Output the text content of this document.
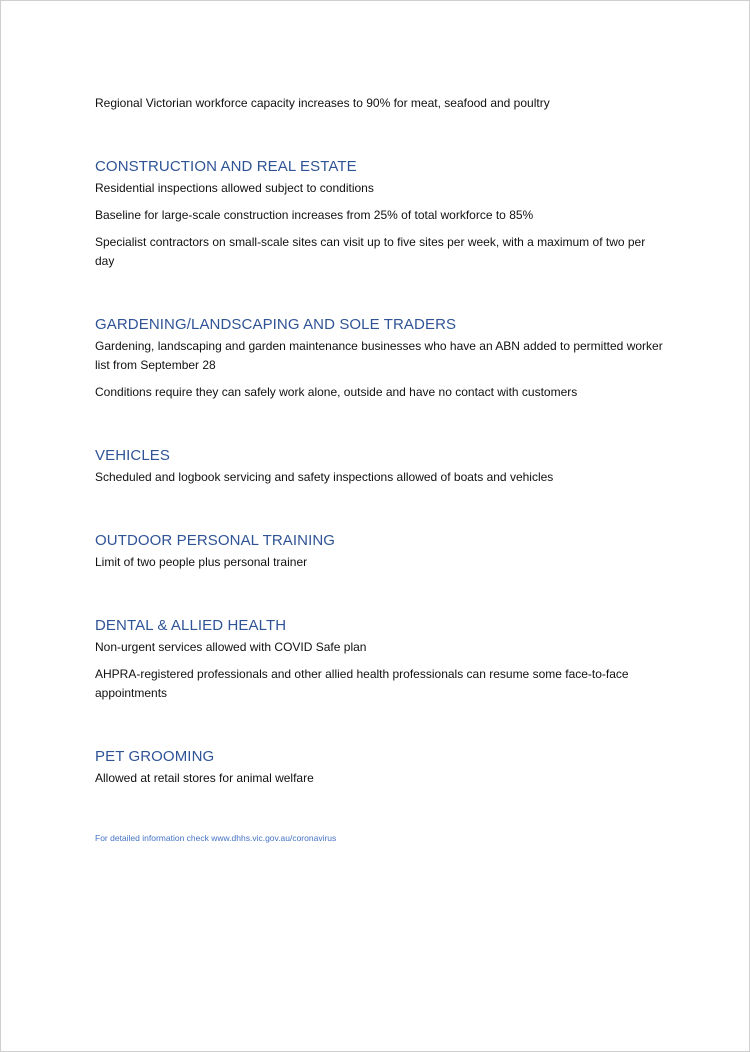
Regional Victorian workforce capacity increases to 90% for meat, seafood and poultry

CONSTRUCTION AND REAL ESTATE

Residential inspections allowed subject to conditions

Baseline for large-scale construction increases from 25% of total workforce to 85%

Specialist contractors on small-scale sites can visit up to five sites per week, with a maximum of two per day

GARDENING/LANDSCAPING AND SOLE TRADERS

Gardening, landscaping and garden maintenance businesses who have an ABN added to permitted worker list from September 28

Conditions require they can safely work alone, outside and have no contact with customers

VEHICLES

Scheduled and logbook servicing and safety inspections allowed of boats and vehicles

OUTDOOR PERSONAL TRAINING

Limit of two people plus personal trainer

DENTAL & ALLIED HEALTH

Non-urgent services allowed with COVID Safe plan

AHPRA-registered professionals and other allied health professionals can resume some face-to-face appointments

PET GROOMING

Allowed at retail stores for animal welfare

For detailed information check www.dhhs.vic.gov.au/coronavirus
